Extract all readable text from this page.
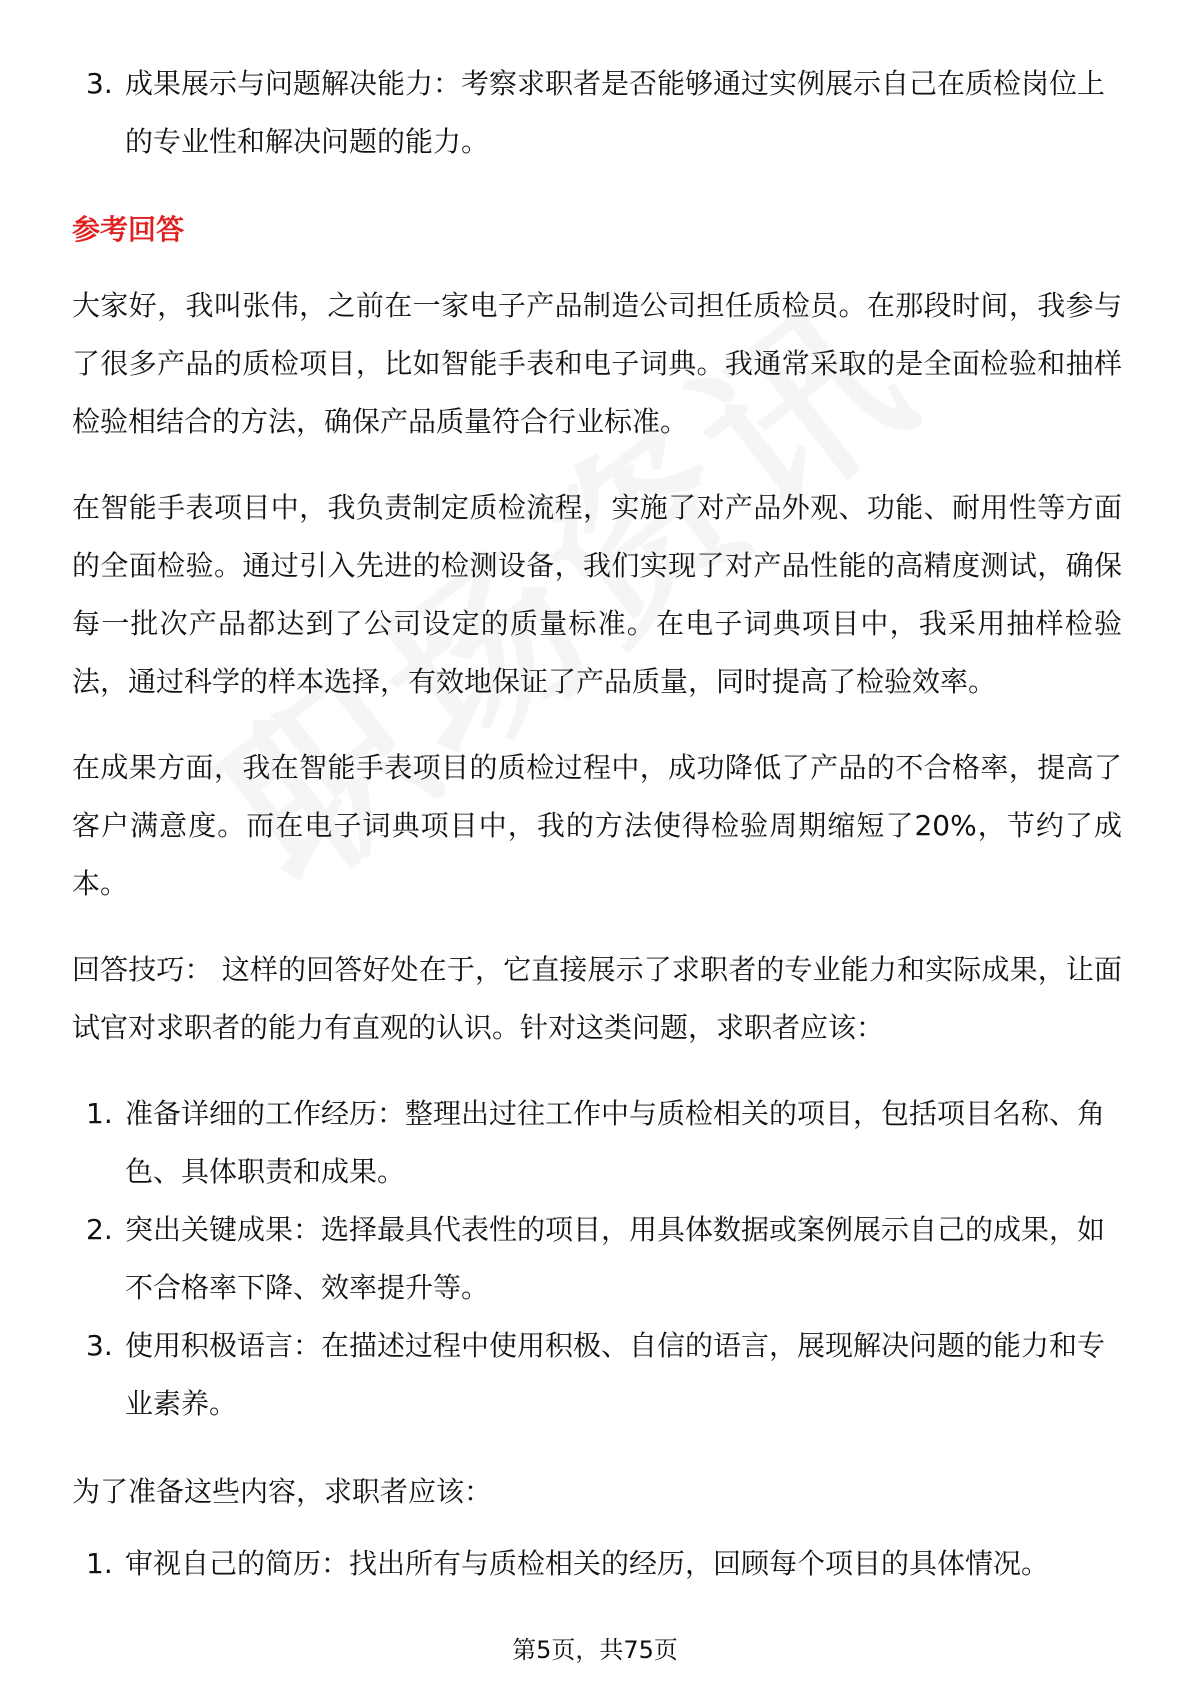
3. 成果展示与问题解决能力：考察求职者是否能够通过实例展示自己在质检岗位上的专业性和解决问题的能力。
参考回答

大家好，我叫张伟，之前在一家电子产品制造公司担任质检员。在那段时间，我参与了很多产品的质检项目，比如智能手表和电子词典。我通常采取的是全面检验和抽样检验相结合的方法，确保产品质量符合行业标准。

在智能手表项目中，我负责制定质检流程，实施了对产品外观、功能、耐用性等方面的全面检验。通过引入先进的检测设备，我们实现了对产品性能的高精度测试，确保每一批次产品都达到了公司设定的质量标准。在电子词典项目中，我采用抽样检验法，通过科学的样本选择，有效地保证了产品质量，同时提高了检验效率。

在成果方面，我在智能手表项目的质检过程中，成功降低了产品的不合格率，提高了客户满意度。而在电子词典项目中，我的方法使得检验周期缩短了20%，节约了成本。

回答技巧： 这样的回答好处在于，它直接展示了求职者的专业能力和实际成果，让面试官对求职者的能力有直观的认识。针对这类问题，求职者应该：

1. 准备详细的工作经历：整理出过往工作中与质检相关的项目，包括项目名称、角色、具体职责和成果。
2. 突出关键成果：选择最具代表性的项目，用具体数据或案例展示自己的成果，如不合格率下降、效率提升等。
3. 使用积极语言：在描述过程中使用积极、自信的语言，展现解决问题的能力和专业素养。

为了准备这些内容，求职者应该：

1. 审视自己的简历：找出所有与质检相关的经历，回顾每个项目的具体情况。
第5页，共75页
